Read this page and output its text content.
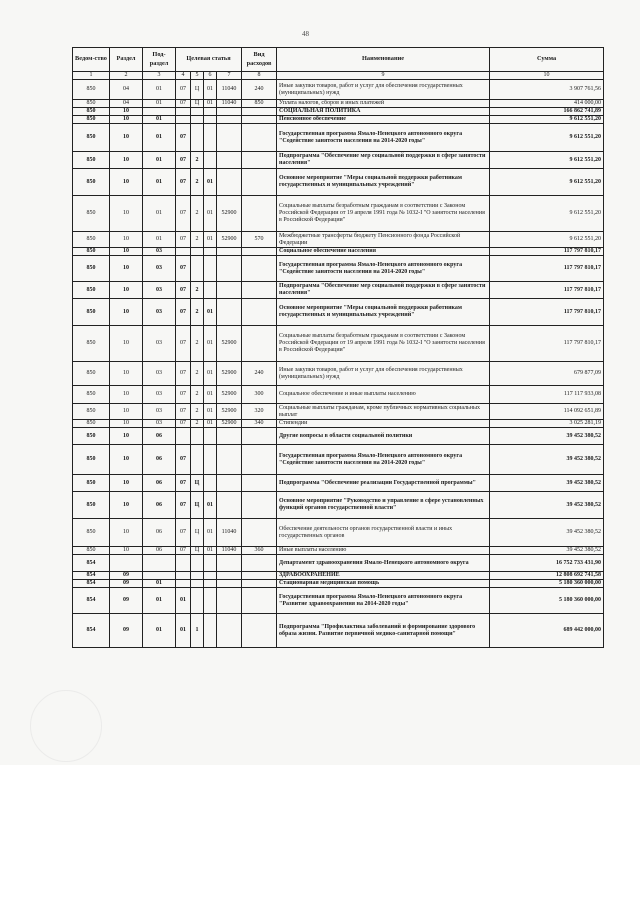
48
Ведом-ство	Раздел	Под-раздел	Целевая статья				Вид расходов	Наименование	Сумма
1	2	3	4	5	6	7	8	9	10
850	04	01	07	Ц	01	11040	240	Иные закупки товаров, работ и услуг для обеспечения государственных (муниципальных) нужд	3 907 761,56
850	04	01	07	Ц	01	11040	850	Уплата налогов, сборов и иных платежей	414 000,00
850	10							СОЦИАЛЬНАЯ ПОЛИТИКА	166 862 741,89
850	10	01						Пенсионное обеспечение	9 612 551,20
850	10	01	07					Государственная программа Ямало-Ненецкого автономного округа "Содействие занятости населения на 2014-2020 годы"	9 612 551,20
850	10	01	07	2				Подпрограмма "Обеспечение мер социальной поддержки в сфере занятости населения"	9 612 551,20
850	10	01	07	2	01			Основное мероприятие "Меры социальной поддержки работникам государственных и муниципальных учреждений"	9 612 551,20
850	10	01	07	2	01	52900		Социальные выплаты безработным гражданам в соответствии с Законом Российской Федерации от 19 апреля 1991 года № 1032-I "О занятости населения в Российской Федерации"	9 612 551,20
850	10	01	07	2	01	52900	570	Межбюджетные трансферты бюджету Пенсионного фонда Российской Федерации	9 612 551,20
850	10	03						Социальное обеспечение населения	117 797 810,17
850	10	03	07					Государственная программа Ямало-Ненецкого автономного округа "Содействие занятости населения на 2014-2020 годы"	117 797 810,17
850	10	03	07	2				Подпрограмма "Обеспечение мер социальной поддержки в сфере занятости населения"	117 797 810,17
850	10	03	07	2	01			Основное мероприятие "Меры социальной поддержки работникам государственных и муниципальных учреждений"	117 797 810,17
850	10	03	07	2	01	52900		Социальные выплаты безработным гражданам в соответствии с Законом Российской Федерации от 19 апреля 1991 года № 1032-I "О занятости населения в Российской Федерации"	117 797 810,17
850	10	03	07	2	01	52900	240	Иные закупки товаров, работ и услуг для обеспечения государственных (муниципальных) нужд	679 877,09
850	10	03	07	2	01	52900	300	Социальное обеспечение и иные выплаты населению	117 117 933,08
850	10	03	07	2	01	52900	320	Социальные выплаты гражданам, кроме публичных нормативных социальных выплат	114 092 651,89
850	10	03	07	2	01	52900	340	Стипендии	3 025 281,19
850	10	06						Другие вопросы в области социальной политики	39 452 380,52
850	10	06	07					Государственная программа Ямало-Ненецкого автономного округа "Содействие занятости населения на 2014-2020 годы"	39 452 380,52
850	10	06	07	Ц				Подпрограмма "Обеспечение реализации Государственной программы"	39 452 380,52
850	10	06	07	Ц	01			Основное мероприятие "Руководство и управление в сфере установленных функций органов государственной власти"	39 452 380,52
850	10	06	07	Ц	01	11040		Обеспечение деятельности органов государственной власти и иных государственных органов	39 452 380,52
850	10	06	07	Ц	01	11040	360	Иные выплаты населению	39 452 380,52
854								Департамент здравоохранения Ямало-Ненецкого автономного округа	16 752 733 431,90
854	09							ЗДРАВООХРАНЕНИЕ	12 808 692 741,58
854	09	01						Стационарная медицинская помощь	5 180 360 000,00
854	09	01	01					Государственная программа Ямало-Ненецкого автономного округа "Развитие здравоохранения на 2014-2020 годы"	5 180 360 000,00
854	09	01	01	1				Подпрограмма "Профилактика заболеваний и формирование здорового образа жизни. Развитие первичной медико-санитарной помощи"	689 442 000,00
